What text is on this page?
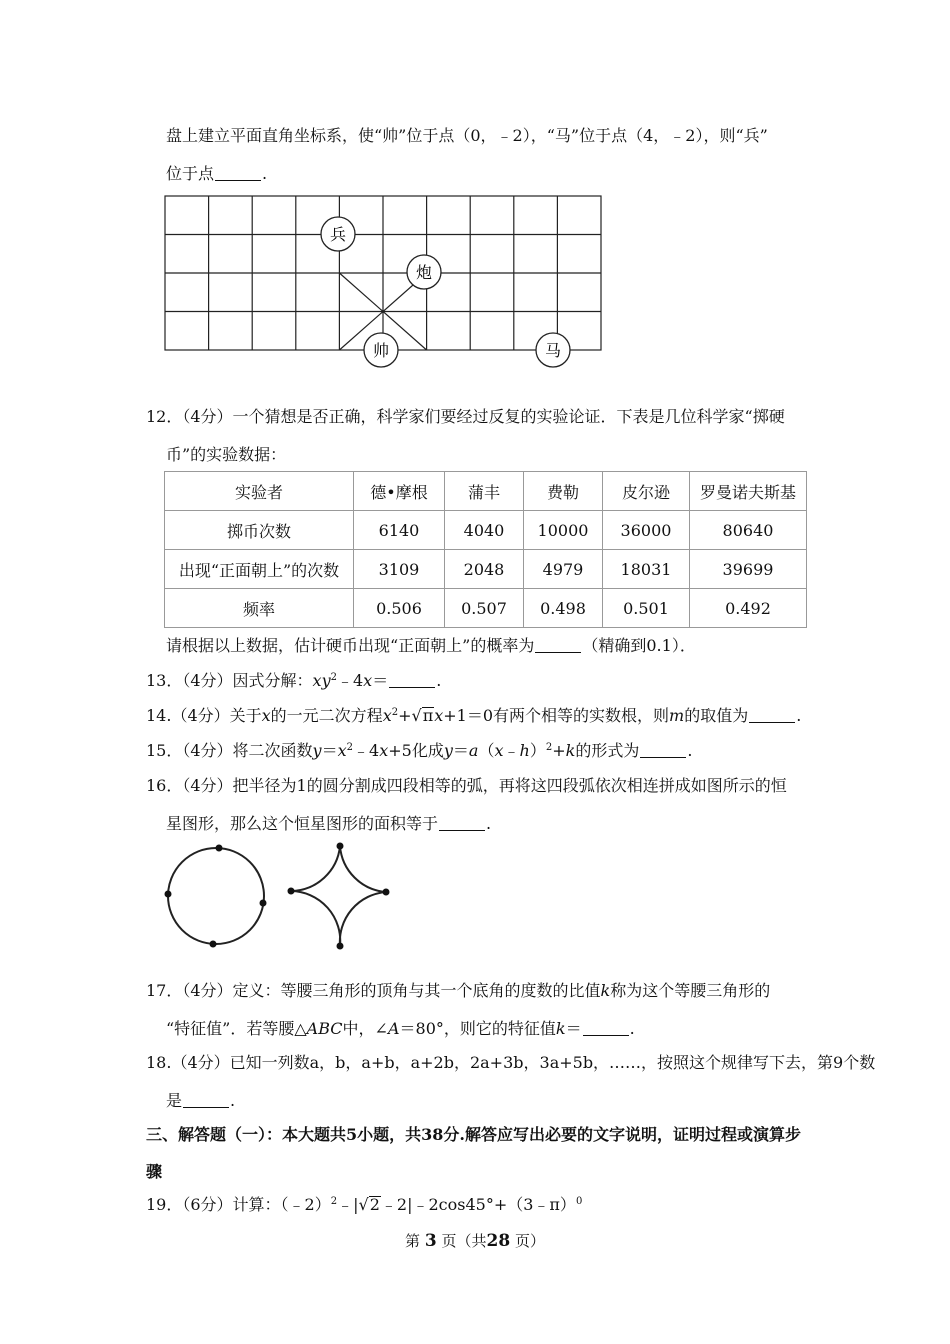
盘上建立平面直角坐标系，使“帅”位于点（0，﹣2），“马”位于点（4，﹣2），则“兵”
位于点	.
兵
炮
帅	马
12．（4分）一个猜想是否正确，科学家们要经过反复的实验论证．下表是几位科学家“掷硬
币”的实验数据：
实验者	德•摩根	蒲丰	费勒	皮尔逊	罗曼诺夫斯基
掷币次数	6140	4040	10000	36000	80640
出现“正面朝上”的次数	3109	2048	4979	18031	39699
频率	0.506	0.507	0.498	0.501	0.492
请根据以上数据，估计硬币出现“正面朝上”的概率为	（精确到0.1）．
13．（4分）因式分解：$xy^2﹣4x=$	.
14.（4分）关于x的一元二次方程$x^2+√\pi x+1=0$有两个相等的实数根，则m的取值为	.
15．（4分）将二次函数$y=x^2﹣4x+5$化成y＝a（x﹣h）$^2$+k的形式为	.
16．（4分）把半径为1的圆分割成四段相等的弧，再将这四段弧依次相连拼成如图所示的恒
星图形，那么这个恒星图形的面积等于	.
17．（4分）定义：等腰三角形的顶角与其一个底角的度数的比值k称为这个等腰三角形的
“特征值”．若等腰△ABC中，∠A＝80°，则它的特征值k＝	.
18.（4分）已知一列数a，b，a+b，a+2b，2a+3b，3a+5b，……，按照这个规律写下去，第9个数
是	.
三、解答题（一）：本大题共5小题，共38分.解答应写出必要的文字说明，证明过程或演算步
骤
19．（6分）计算：（﹣2）$^2$﹣|√2﹣2|﹣2cos45°+（3﹣π）$^0$
第 3 页（共28 页）
